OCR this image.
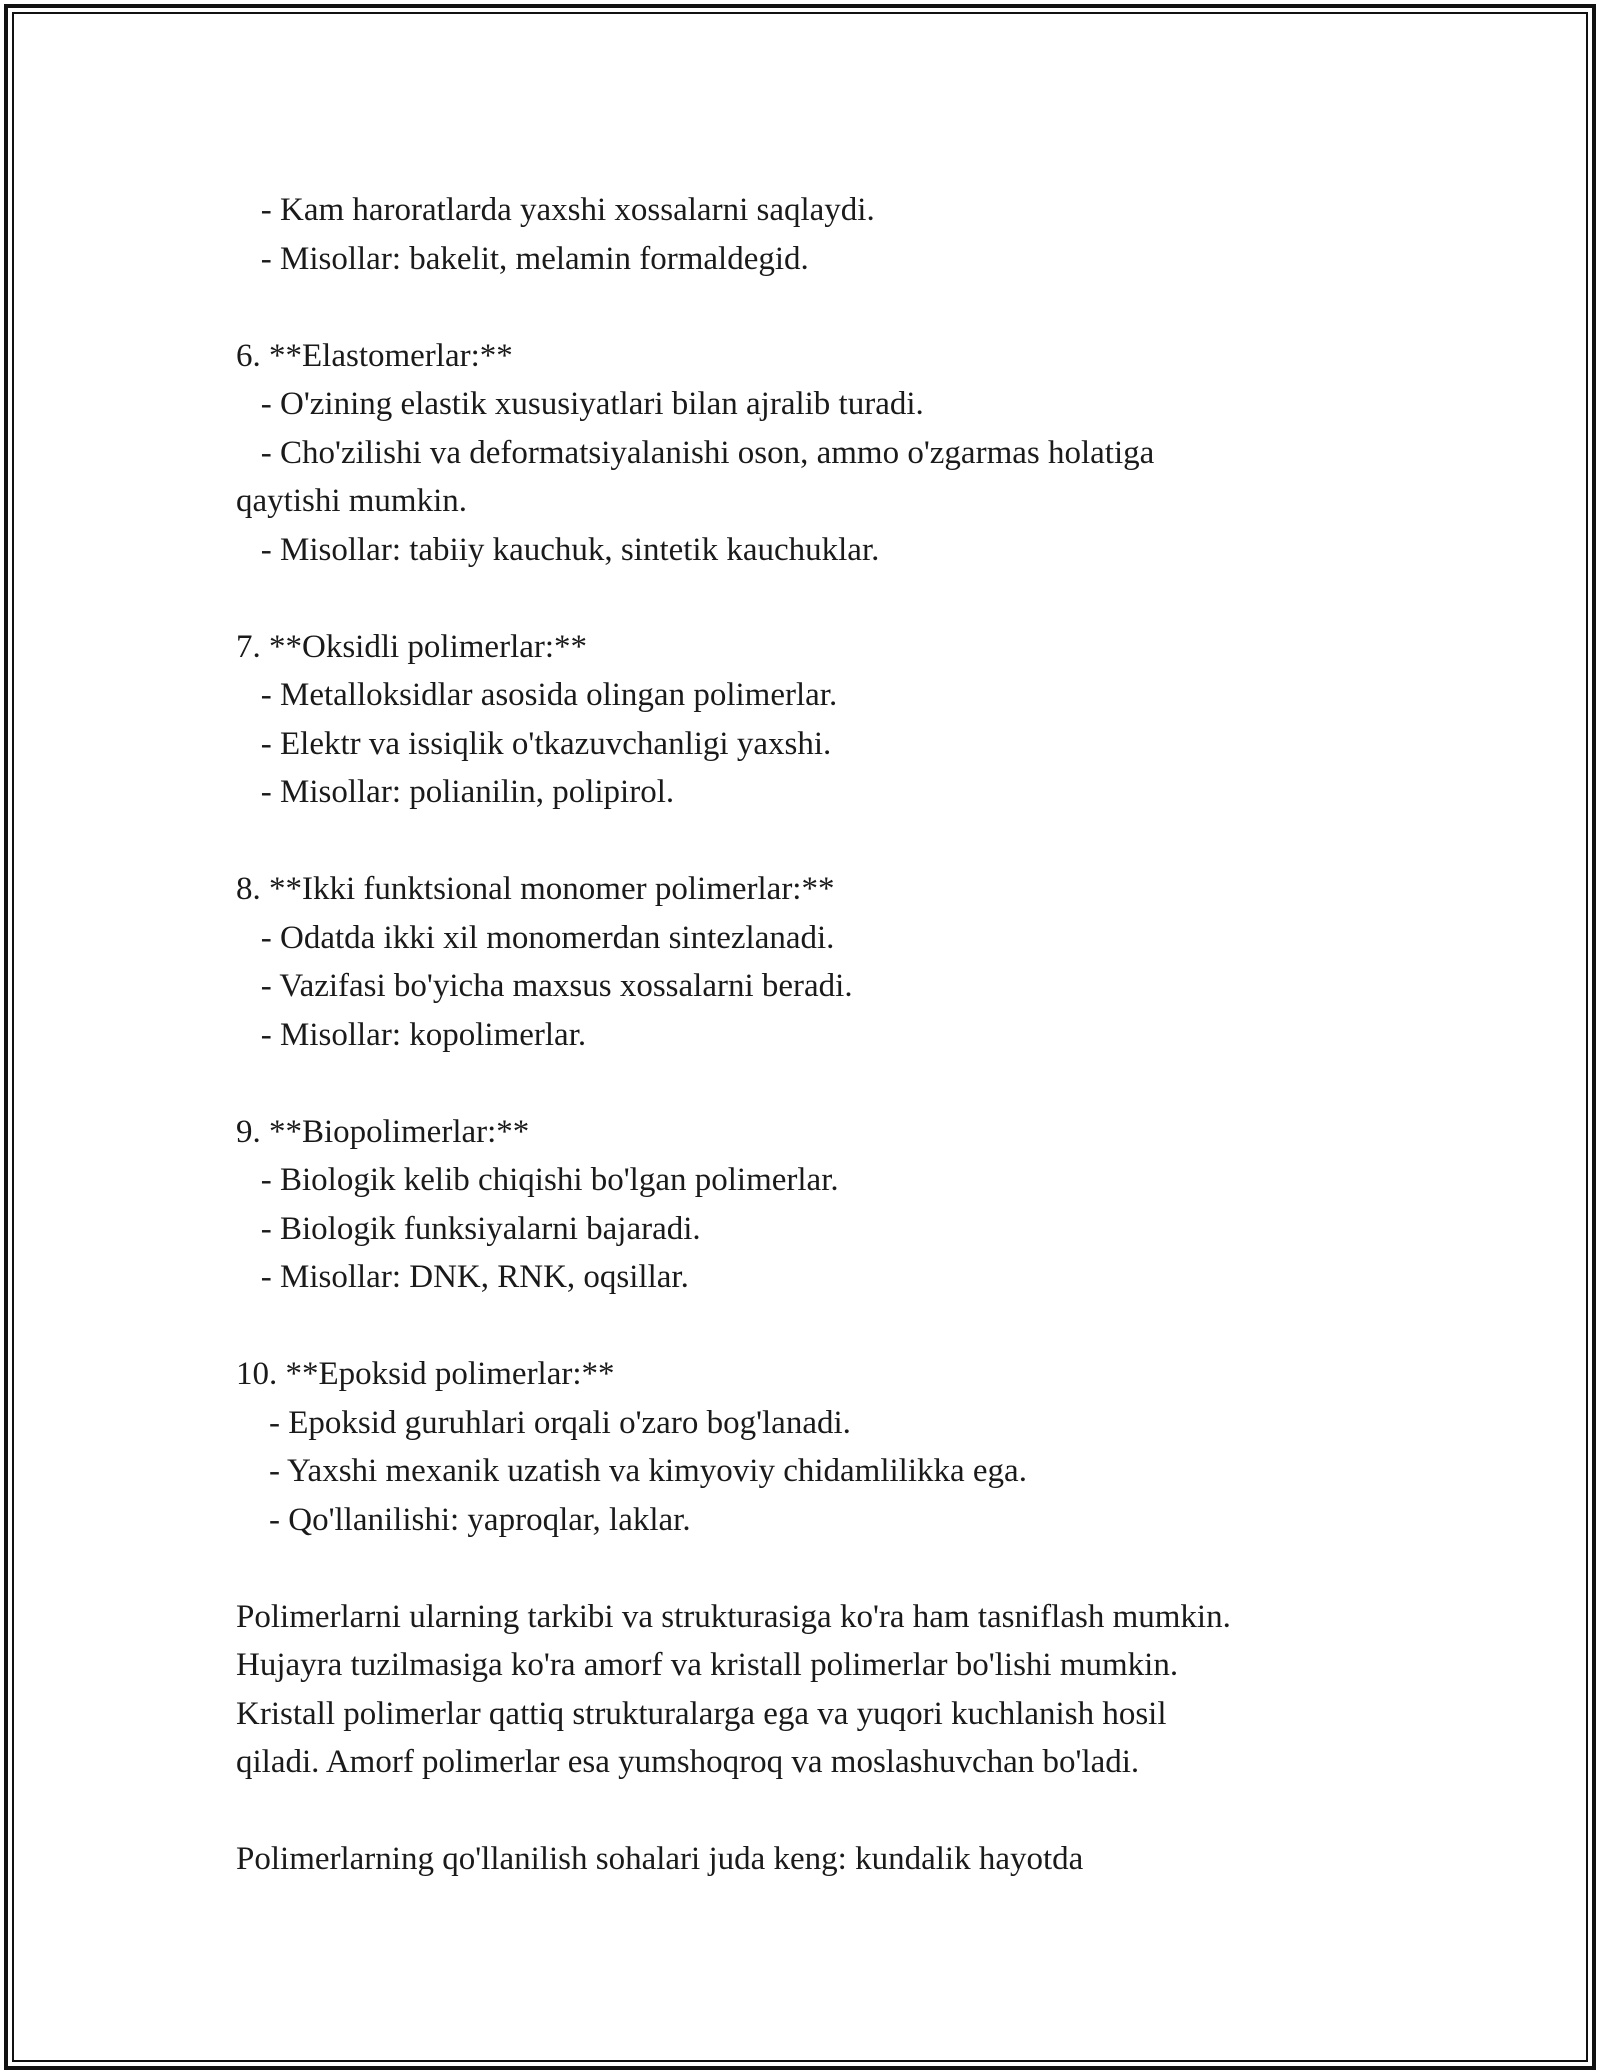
- Kam haroratlarda yaxshi xossalarni saqlaydi.
- Misollar: bakelit, melamin formaldegid.
6. **Elastomerlar:**
- O'zining elastik xususiyatlari bilan ajralib turadi.
- Cho'zilishi va deformatsiyalanishi oson, ammo o'zgarmas holatiga
qaytishi mumkin.
- Misollar: tabiiy kauchuk, sintetik kauchuklar.
7. **Oksidli polimerlar:**
- Metalloksidlar asosida olingan polimerlar.
- Elektr va issiqlik o'tkazuvchanligi yaxshi.
- Misollar: polianilin, polipirol.
8. **Ikki funktsional monomer polimerlar:**
- Odatda ikki xil monomerdan sintezlanadi.
- Vazifasi bo'yicha maxsus xossalarni beradi.
- Misollar: kopolimerlar.
9. **Biopolimerlar:**
- Biologik kelib chiqishi bo'lgan polimerlar.
- Biologik funksiyalarni bajaradi.
- Misollar: DNK, RNK, oqsillar.
10. **Epoksid polimerlar:**
- Epoksid guruhlari orqali o'zaro bog'lanadi.
- Yaxshi mexanik uzatish va kimyoviy chidamlilikka ega.
- Qo'llanilishi: yaproqlar, laklar.
Polimerlarni ularning tarkibi va strukturasiga ko'ra ham tasniflash mumkin.
Hujayra tuzilmasiga ko'ra amorf va kristall polimerlar bo'lishi mumkin.
Kristall polimerlar qattiq strukturalarga ega va yuqori kuchlanish hosil
qiladi. Amorf polimerlar esa yumshoqroq va moslashuvchan bo'ladi.
Polimerlarning qo'llanilish sohalari juda keng: kundalik hayotda
